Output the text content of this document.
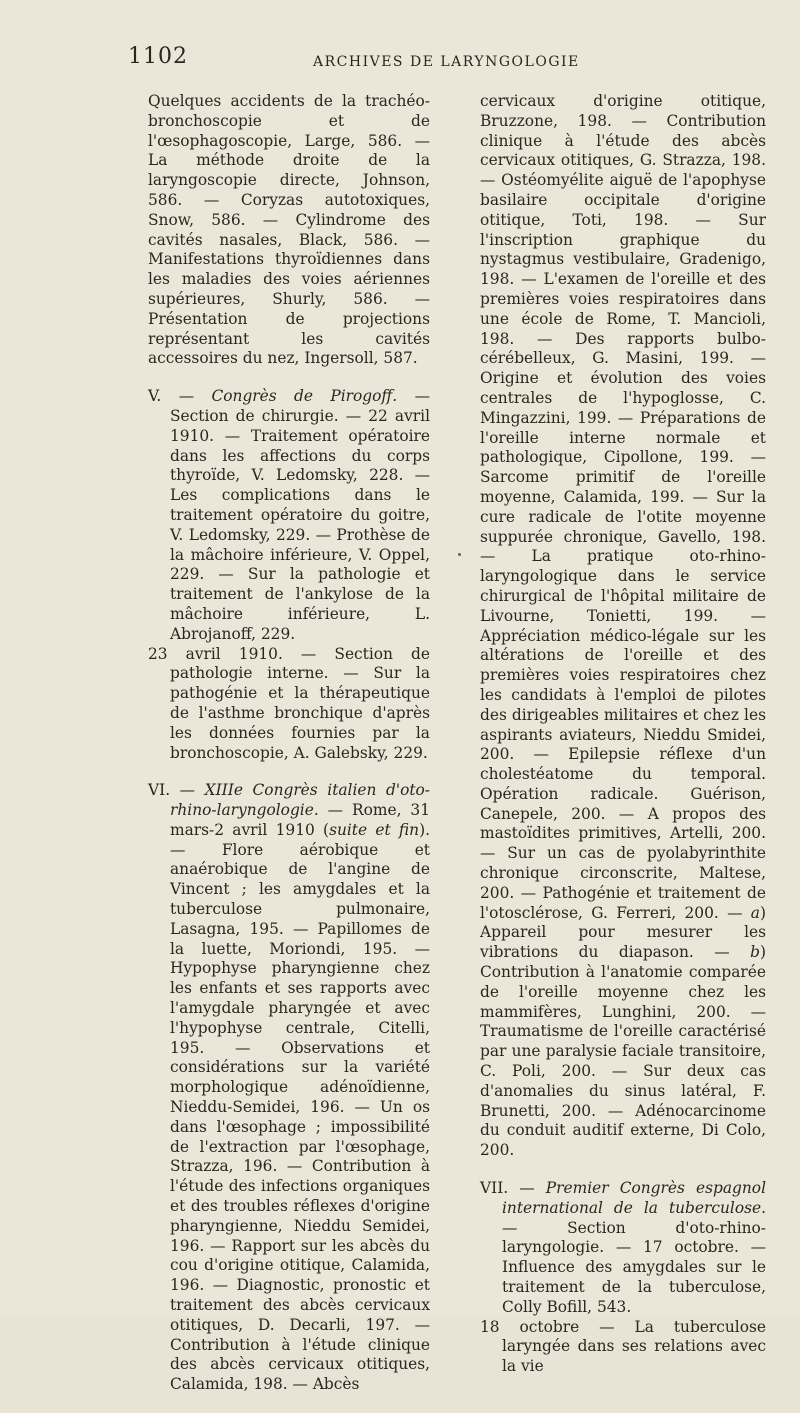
1102	ARCHIVES DE LARYNGOLOGIE

Quelques accidents de la trachéo-bronchoscopie et de l'œsophagoscopie, Large, 586. — La méthode droite de la laryngoscopie directe, Johnson, 586. — Coryzas autotoxiques, Snow, 586. — Cylindrome des cavités nasales, Black, 586. — Manifestations thyroïdiennes dans les maladies des voies aériennes supérieures, Shurly, 586. — Présentation de projections représentant les cavités accessoires du nez, Ingersoll, 587.

V. — Congrès de Pirogoff. — Section de chirurgie. — 22 avril 1910. — Traitement opératoire dans les affections du corps thyroïde, V. Ledomsky, 228. — Les complications dans le traitement opératoire du goitre, V. Ledomsky, 229. — Prothèse de la mâchoire inférieure, V. Oppel, 229. — Sur la pathologie et traitement de l'ankylose de la mâchoire inférieure, L. Abrojanoff, 229.

23 avril 1910. — Section de pathologie interne. — Sur la pathogénie et la thérapeutique de l'asthme bronchique d'après les données fournies par la bronchoscopie, A. Galebsky, 229.

VI. — XIIIe Congrès italien d'oto-rhino-laryngologie. — Rome, 31 mars-2 avril 1910 (suite et fin). — Flore aérobique et anaérobique de l'angine de Vincent ; les amygdales et la tuberculose pulmonaire, Lasagna, 195. — Papillomes de la luette, Moriondi, 195. — Hypophyse pharyngienne chez les enfants et ses rapports avec l'amygdale pharyngée et avec l'hypophyse centrale, Citelli, 195. — Observations et considérations sur la variété morphologique adénoïdienne, Nieddu-Semidei, 196. — Un os dans l'œsophage ; impossibilité de l'extraction par l'œsophage, Strazza, 196. — Contribution à l'étude des infections organiques et des troubles réflexes d'origine pharyngienne, Nieddu Semidei, 196. — Rapport sur les abcès du cou d'origine otitique, Calamida, 196. — Diagnostic, pronostic et traitement des abcès cervicaux otitiques, D. Decarli, 197. — Contribution à l'étude clinique des abcès cervicaux otitiques, Calamida, 198. — Abcès

cervicaux d'origine otitique, Bruzzone, 198. — Contribution clinique à l'étude des abcès cervicaux otitiques, G. Strazza, 198. — Ostéomyélite aiguë de l'apophyse basilaire occipitale d'origine otitique, Toti, 198. — Sur l'inscription graphique du nystagmus vestibulaire, Gradenigo, 198. — L'examen de l'oreille et des premières voies respiratoires dans une école de Rome, T. Mancioli, 198. — Des rapports bulbo-cérébelleux, G. Masini, 199. — Origine et évolution des voies centrales de l'hypoglosse, C. Mingazzini, 199. — Préparations de l'oreille interne normale et pathologique, Cipollone, 199. — Sarcome primitif de l'oreille moyenne, Calamida, 199. — Sur la cure radicale de l'otite moyenne suppurée chronique, Gavello, 198. — La pratique oto-rhino-laryngologique dans le service chirurgical de l'hôpital militaire de Livourne, Tonietti, 199. — Appréciation médico-légale sur les altérations de l'oreille et des premières voies respiratoires chez les candidats à l'emploi de pilotes des dirigeables militaires et chez les aspirants aviateurs, Nieddu Smidei, 200. — Epilepsie réflexe d'un cholestéatome du temporal. Opération radicale. Guérison, Canepele, 200. — A propos des mastoïdites primitives, Artelli, 200. — Sur un cas de pyolabyrinthite chronique circonscrite, Maltese, 200. — Pathogénie et traitement de l'otosclérose, G. Ferreri, 200. — a) Appareil pour mesurer les vibrations du diapason. — b) Contribution à l'anatomie comparée de l'oreille moyenne chez les mammifères, Lunghini, 200. — Traumatisme de l'oreille caractérisé par une paralysie faciale transitoire, C. Poli, 200. — Sur deux cas d'anomalies du sinus latéral, F. Brunetti, 200. — Adénocarcinome du conduit auditif externe, Di Colo, 200.

VII. — Premier Congrès espagnol international de la tuberculose. — Section d'oto-rhino-laryngologie. — 17 octobre. — Influence des amygdales sur le traitement de la tuberculose, Colly Bofill, 543.

18 octobre — La tuberculose laryngée dans ses relations avec la vie
